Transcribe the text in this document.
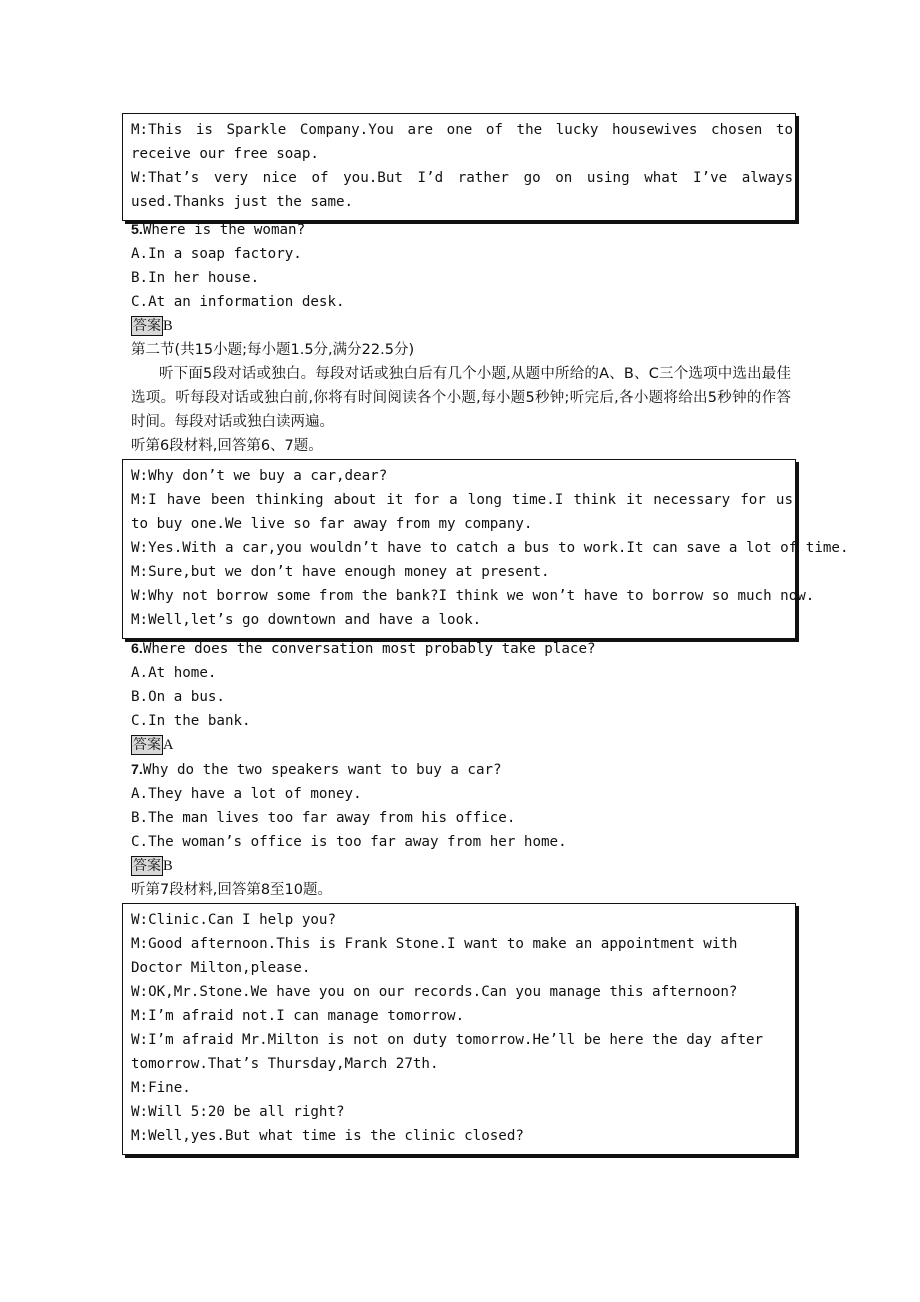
M:This is Sparkle Company.You are one of the lucky housewives chosen to receive our free soap.
W:That’s very nice of you.But I’d rather go on using what I’ve always used.Thanks just the same.
5.Where is the woman?
A.In a soap factory.
B.In her house.
C.At an information desk.
答案 B
第二节(共15小题;每小题1.5分,满分22.5分)
听下面5段对话或独白。每段对话或独白后有几个小题,从题中所给的A、B、C三个选项中选出最佳选项。听每段对话或独白前,你将有时间阅读各个小题,每小题5秒钟;听完后,各小题将给出5秒钟的作答时间。每段对话或独白读两遍。
听第6段材料,回答第6、7题。
W:Why don’t we buy a car,dear?
M:I have been thinking about it for a long time.I think it necessary for us to buy one.We live so far away from my company.
W:Yes.With a car,you wouldn’t have to catch a bus to work.It can save a lot of time.
M:Sure,but we don’t have enough money at present.
W:Why not borrow some from the bank?I think we won’t have to borrow so much now.
M:Well,let’s go downtown and have a look.
6.Where does the conversation most probably take place?
A.At home.
B.On a bus.
C.In the bank.
答案 A
7.Why do the two speakers want to buy a car?
A.They have a lot of money.
B.The man lives too far away from his office.
C.The woman’s office is too far away from her home.
答案 B
听第7段材料,回答第8至10题。
W:Clinic.Can I help you?
M:Good afternoon.This is Frank Stone.I want to make an appointment with Doctor Milton,please.
W:OK,Mr.Stone.We have you on our records.Can you manage this afternoon?
M:I’m afraid not.I can manage tomorrow.
W:I’m afraid Mr.Milton is not on duty tomorrow.He’ll be here the day after tomorrow.That’s Thursday,March 27th.
M:Fine.
W:Will 5:20 be all right?
M:Well,yes.But what time is the clinic closed?
